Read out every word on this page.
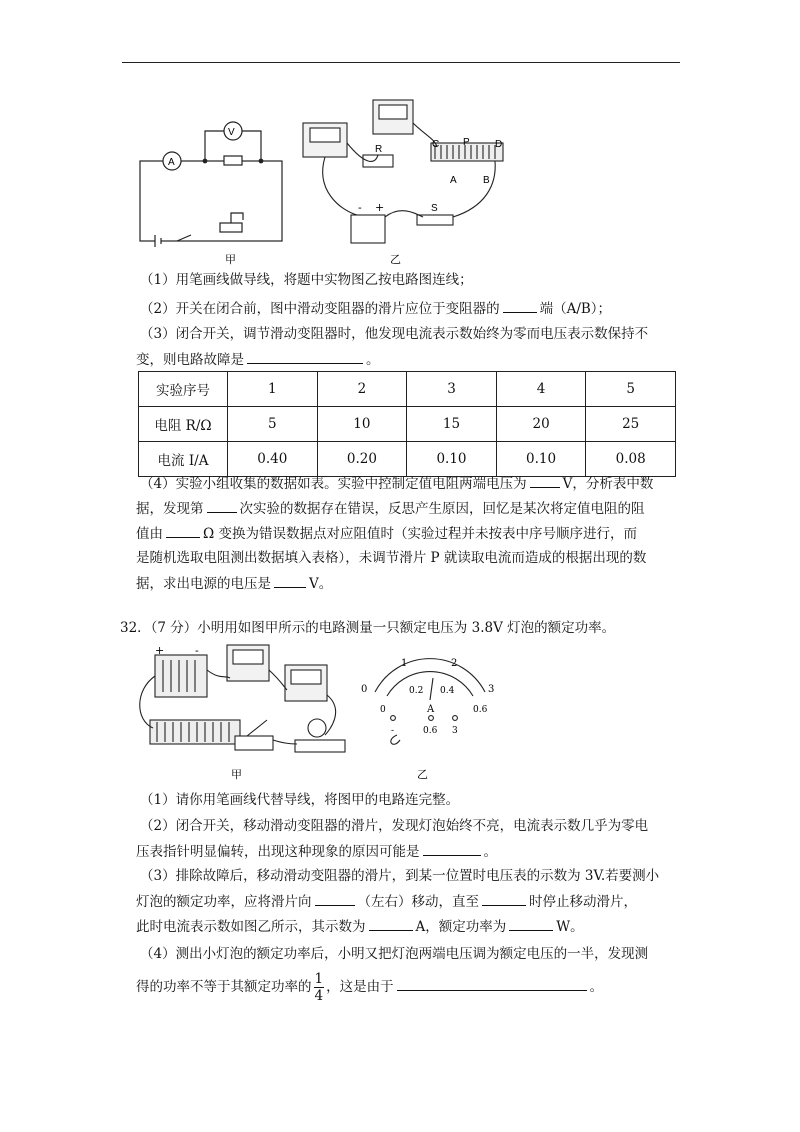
A
V
甲
R
S
- +
C P	D
A	B
乙
（1）用笔画线做导线，将题中实物图乙按电路图连线；
（2）开关在闭合前，图中滑动变阻器的滑片应位于变阻器的	端（A/B）；
（3）闭合开关，调节滑动变阻器时，他发现电流表示数始终为零而电压表示数保持不
变，则电路故障是	。
实验序号	1	2	3	4	5
电阻 R/Ω	5	10	15	20	25
电流 I/A	0.40	0.20	0.10	0.10	0.08
（4）实验小组收集的数据如表。实验中控制定值电阻两端电压为	V，分析表中数
据，发现第	次实验的数据存在错误，反思产生原因，回忆是某次将定值电阻的阻
值由	Ω 变换为错误数据点对应阻值时（实验过程并未按表中序号顺序进行，而
是随机选取电阻测出数据填入表格），未调节滑片 P 就读取电流而造成的根据出现的数
据，求出电源的电压是	V。
32．（7 分）小明用如图甲所示的电路测量一只额定电压为 3.8V 灯泡的额定功率。
+	-
甲
0
1	2
3
0
0.2 0.4
0.6
A
-	0.6 3
乙
（1）请你用笔画线代替导线，将图甲的电路连完整。
（2）闭合开关，移动滑动变阻器的滑片，发现灯泡始终不亮，电流表示数几乎为零电
压表指针明显偏转，出现这种现象的原因可能是	。
（3）排除故障后，移动滑动变阻器的滑片，到某一位置时电压表的示数为 3V.若要测小
灯泡的额定功率，应将滑片向	（左右）移动，直至	时停止移动滑片，
此时电流表示数如图乙所示，其示数为	A，额定功率为	W。
（4）测出小灯泡的额定功率后，小明又把灯泡两端电压调为额定电压的一半，发现测
得的功率不等于其额定功率的 $\frac{1}{4}$ ，这是由于	。
